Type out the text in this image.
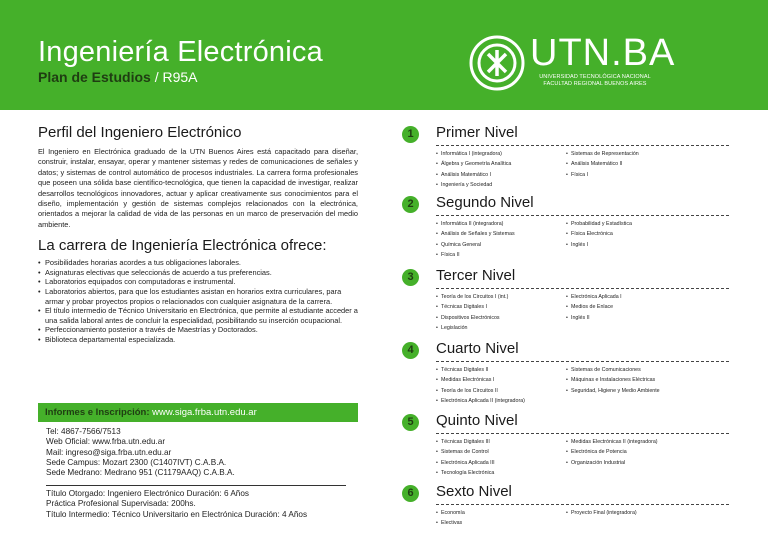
Ingeniería Electrónica
Plan de Estudios / R95A
UTN.BA
UNIVERSIDAD TECNOLÓGICA NACIONAL
FACULTAD REGIONAL BUENOS AIRES
Perfil del Ingeniero Electrónico

El Ingeniero en Electrónica graduado de la UTN Buenos Aires está capacitado para diseñar, construir, instalar, ensayar, operar y mantener sistemas y redes de comunicaciones de señales y datos; y sistemas de control automático de procesos industriales. La carrera forma profesionales que poseen una sólida base científico-tecnológica, que tienen la capacidad de investigar, realizar desarrollos tecnológicos innovadores, actuar y aplicar creativamente sus conocimientos para el diseño, implementación y gestión de sistemas complejos relacionados con la electrónica, orientados a mejorar la calidad de vida de las personas en un marco de preservación del medio ambiente.

La carrera de Ingeniería Electrónica ofrece:
• Posibilidades horarias acordes a tus obligaciones laborales.
• Asignaturas electivas que seleccionás de acuerdo a tus preferencias.
• Laboratorios equipados con computadoras e instrumental.
• Laboratorios abiertos, para que los estudiantes asistan en horarios extra curriculares, para armar y probar proyectos propios o relacionados con cualquier asignatura de la carrera.
• El título intermedio de Técnico Universitario en Electrónica, que permite al estudiante acceder a una salida laboral antes de concluir la especialidad, posibilitando su inserción ocupacional.
• Perfeccionamiento posterior a través de Maestrías y Doctorados.
• Biblioteca departamental especializada.
Informes e Inscripción: www.siga.frba.utn.edu.ar
Tel: 4867-7566/7513
Web Oficial: www.frba.utn.edu.ar
Mail: ingreso@siga.frba.utn.edu.ar
Sede Campus: Mozart 2300 (C1407IVT) C.A.B.A.
Sede Medrano: Medrano 951 (C1179AAQ) C.A.B.A.
Título Otorgado: Ingeniero Electrónico Duración: 6 Años
Práctica Profesional Supervisada: 200hs.
Título Intermedio: Técnico Universitario en Electrónica Duración: 4 Años
1	Primer Nivel
• Informática I (integradora)
• Álgebra y Geometría Analítica
• Análisis Matemático I
• Ingeniería y Sociedad
• Sistemas de Representación
• Análisis Matemático II
• Física I
2	Segundo Nivel
• Informática II (integradora)
• Análisis de Señales y Sistemas
• Química General
• Física II
• Probabilidad y Estadística
• Física Electrónica
• Inglés I
3	Tercer Nivel
• Teoría de los Circuitos I (int.)
• Técnicas Digitales I
• Dispositivos Electrónicos
• Legislación
• Electrónica Aplicada I
• Medios de Enlace
• Inglés II
4	Cuarto Nivel
• Técnicas Digitales II
• Medidas Electrónicas I
• Teoría de los Circuitos II
• Electrónica Aplicada II (integradora)
• Sistemas de Comunicaciones
• Máquinas e Instalaciones Eléctricas
• Seguridad, Higiene y Medio Ambiente
5	Quinto Nivel
• Técnicas Digitales III
• Sistemas de Control
• Electrónica Aplicada III
• Tecnología Electrónica
• Medidas Electrónicas II (integradora)
• Electrónica de Potencia
• Organización Industrial
6	Sexto Nivel
• Economía
• Electivas
• Proyecto Final (integradora)
